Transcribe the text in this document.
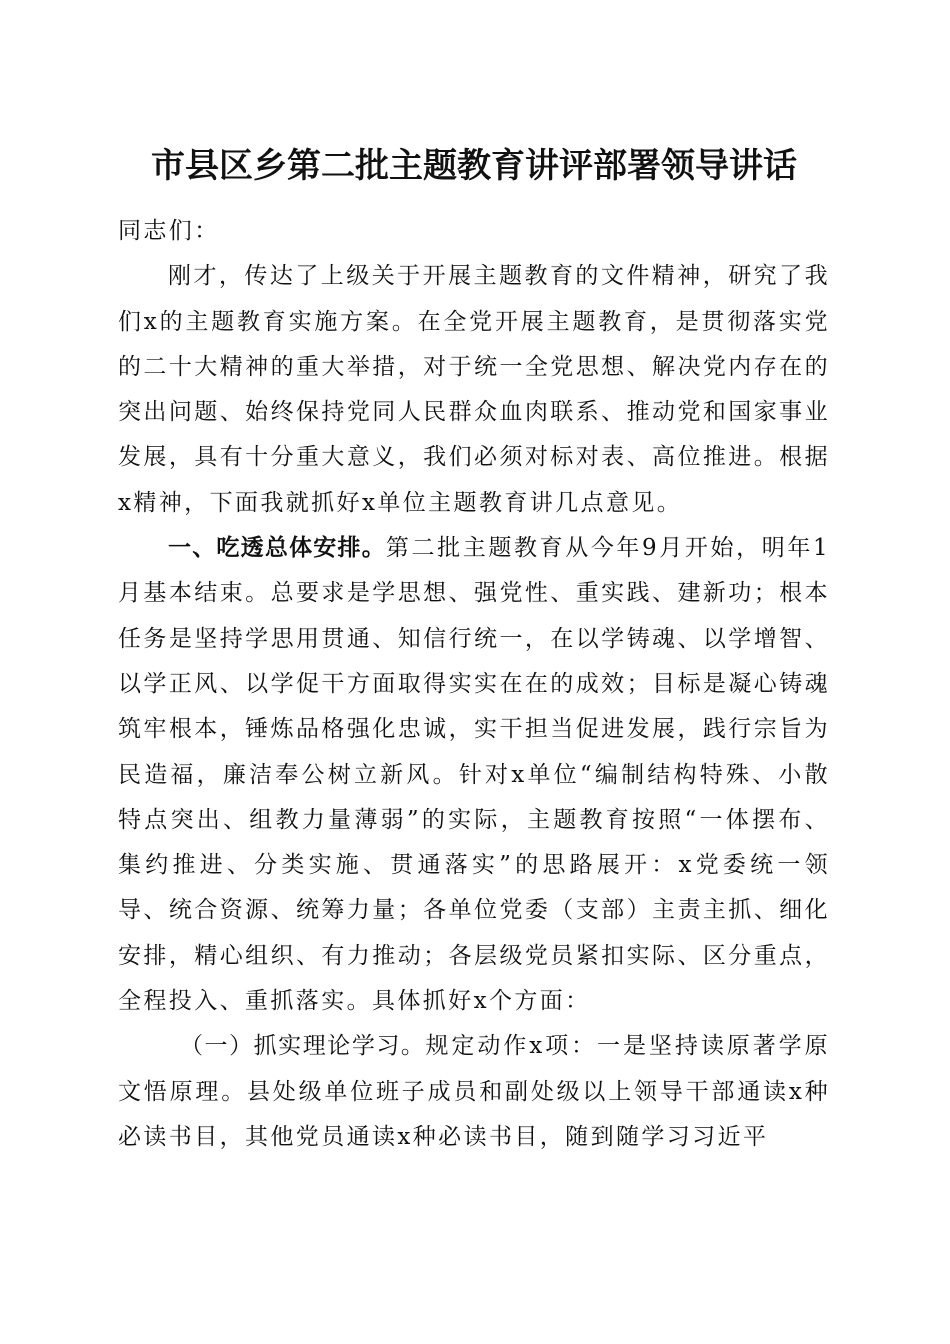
市县区乡第二批主题教育讲评部署领导讲话

同志们：

刚才，传达了上级关于开展主题教育的文件精神，研究了我们x的主题教育实施方案。在全党开展主题教育，是贯彻落实党的二十大精神的重大举措，对于统一全党思想、解决党内存在的突出问题、始终保持党同人民群众血肉联系、推动党和国家事业发展，具有十分重大意义，我们必须对标对表、高位推进。根据x精神，下面我就抓好x单位主题教育讲几点意见。

一、吃透总体安排。第二批主题教育从今年9月开始，明年1月基本结束。总要求是学思想、强党性、重实践、建新功；根本任务是坚持学思用贯通、知信行统一，在以学铸魂、以学增智、以学正风、以学促干方面取得实实在在的成效；目标是凝心铸魂筑牢根本，锤炼品格强化忠诚，实干担当促进发展，践行宗旨为民造福，廉洁奉公树立新风。针对x单位“编制结构特殊、小散特点突出、组教力量薄弱”的实际，主题教育按照“一体摆布、集约推进、分类实施、贯通落实”的思路展开：x党委统一领导、统合资源、统筹力量；各单位党委（支部）主责主抓、细化安排，精心组织、有力推动；各层级党员紧扣实际、区分重点，全程投入、重抓落实。具体抓好x个方面：

（一）抓实理论学习。规定动作x项：一是坚持读原著学原文悟原理。县处级单位班子成员和副处级以上领导干部通读x种必读书目，其他党员通读x种必读书目，随到随学习习近平
